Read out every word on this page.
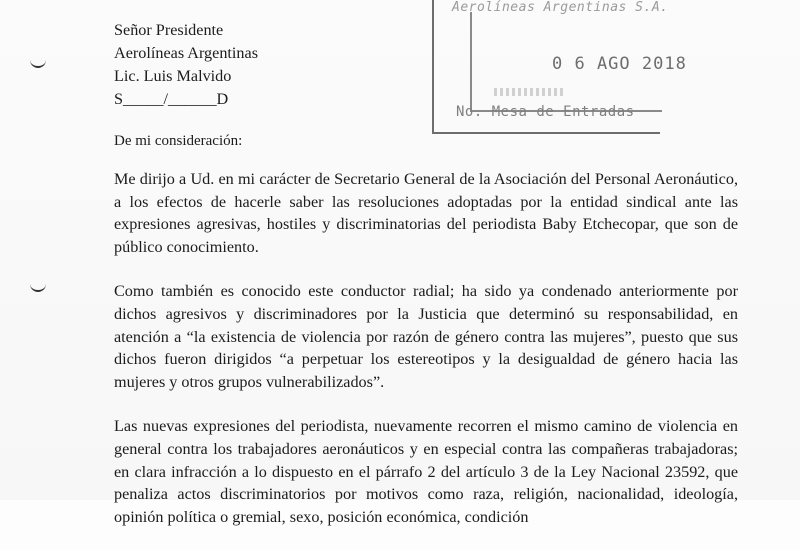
Señor Presidente
Aerolíneas Argentinas
Lic. Luis Malvido
S_____/______D
Aerolíneas Argentinas S.A.
0 6 AGO 2018
No. Mesa de Entradas
De mi consideración:

Me dirijo a Ud. en mi carácter de Secretario General de la Asociación del Personal Aeronáutico, a los efectos de hacerle saber las resoluciones adoptadas por la entidad sindical ante las expresiones agresivas, hostiles y discriminatorias del periodista Baby Etchecopar, que son de público conocimiento.

Como también es conocido este conductor radial; ha sido ya condenado anteriormente por dichos agresivos y discriminadores por la Justicia que determinó su responsabilidad, en atención a “la existencia de violencia por razón de género contra las mujeres”, puesto que sus dichos fueron dirigidos “a perpetuar los estereotipos y la desigualdad de género hacia las mujeres y otros grupos vulnerabilizados”.

Las nuevas expresiones del periodista, nuevamente recorren el mismo camino de violencia en general contra los trabajadores aeronáuticos y en especial contra las compañeras trabajadoras; en clara infracción a lo dispuesto en el párrafo 2 del artículo 3 de la Ley Nacional 23592, que penaliza actos discriminatorios por motivos como raza, religión, nacionalidad, ideología, opinión política o gremial, sexo, posición económica, condición
